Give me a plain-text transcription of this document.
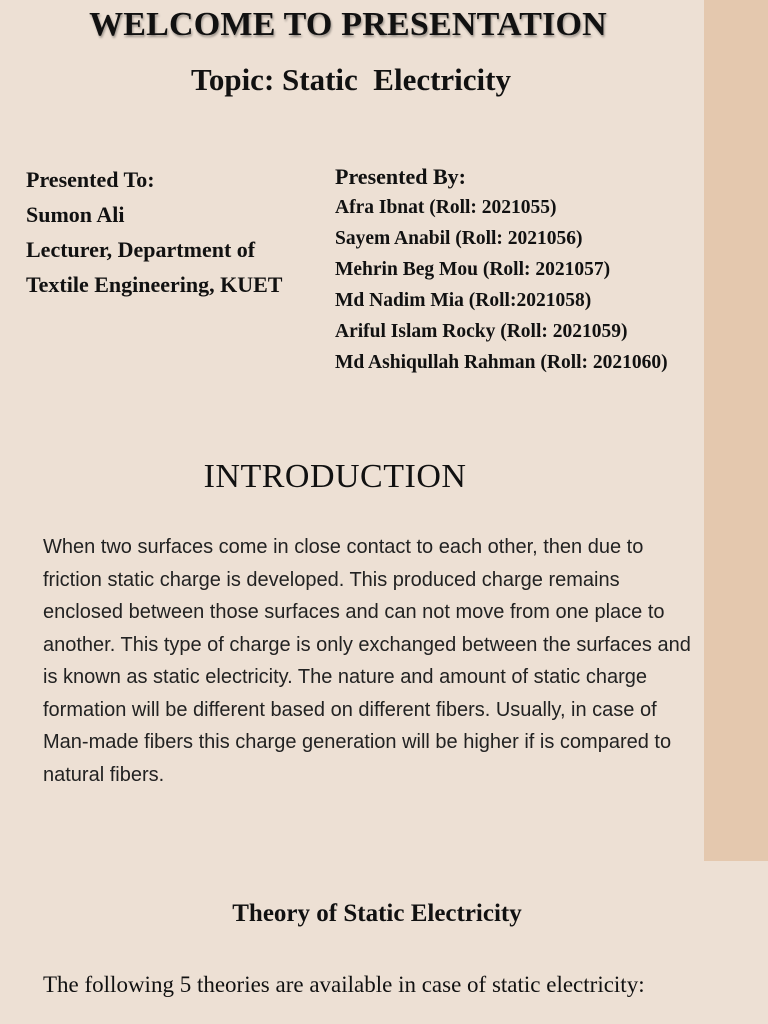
WELCOME TO PRESENTATION
Topic: Static  Electricity
Presented To:
Sumon Ali
Lecturer, Department of
Textile Engineering, KUET
Presented By:
Afra Ibnat (Roll: 2021055)
Sayem Anabil (Roll: 2021056)
Mehrin Beg Mou (Roll: 2021057)
Md Nadim Mia (Roll:2021058)
Ariful Islam Rocky (Roll: 2021059)
Md Ashiqullah Rahman (Roll: 2021060)
INTRODUCTION
When two surfaces come in close contact to each other, then due to friction static charge is developed. This produced charge remains enclosed between those surfaces and can not move from one place to another. This type of charge is only exchanged between the surfaces and is known as static electricity. The nature and amount of static charge formation will be different based on different fibers. Usually, in case of Man-made fibers this charge generation will be higher if is compared to natural fibers.
Theory of Static Electricity
The following 5 theories are available in case of static electricity:
